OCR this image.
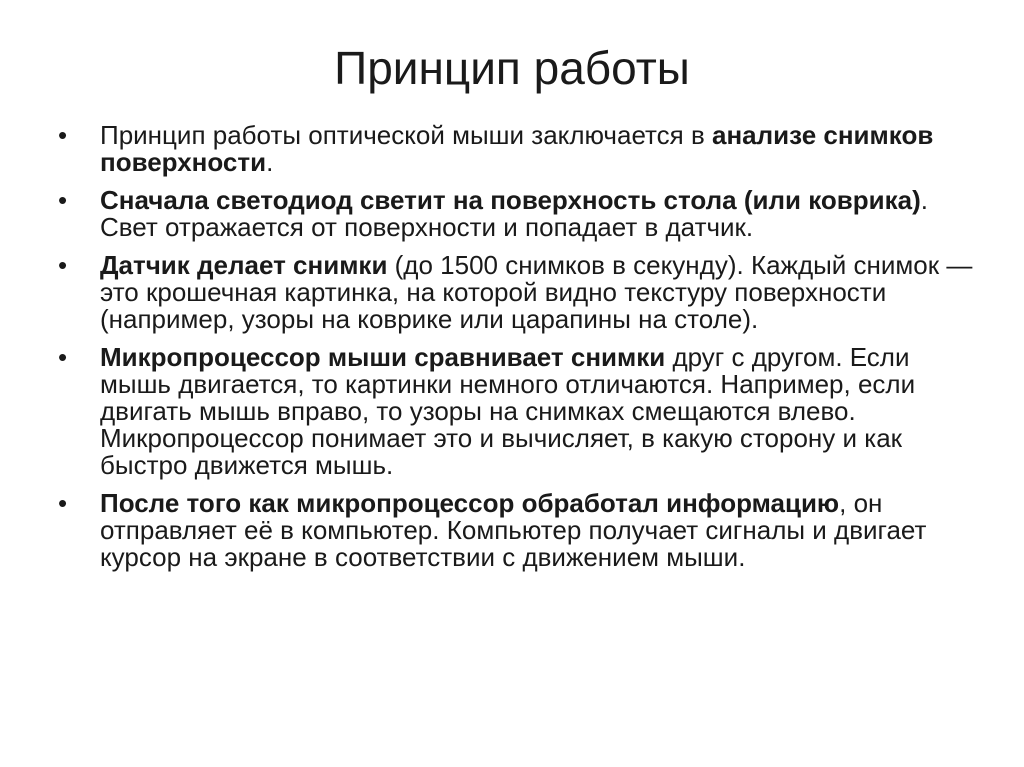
Принцип работы
• Принцип работы оптической мыши заключается в анализе снимков поверхности.
• Сначала светодиод светит на поверхность стола (или коврика). Свет отражается от поверхности и попадает в датчик.
• Датчик делает снимки (до 1500 снимков в секунду). Каждый снимок — это крошечная картинка, на которой видно текстуру поверхности (например, узоры на коврике или царапины на столе).
• Микропроцессор мыши сравнивает снимки друг с другом. Если мышь двигается, то картинки немного отличаются. Например, если двигать мышь вправо, то узоры на снимках смещаются влево. Микропроцессор понимает это и вычисляет, в какую сторону и как быстро движется мышь.
• После того как микропроцессор обработал информацию, он отправляет её в компьютер. Компьютер получает сигналы и двигает курсор на экране в соответствии с движением мыши.
